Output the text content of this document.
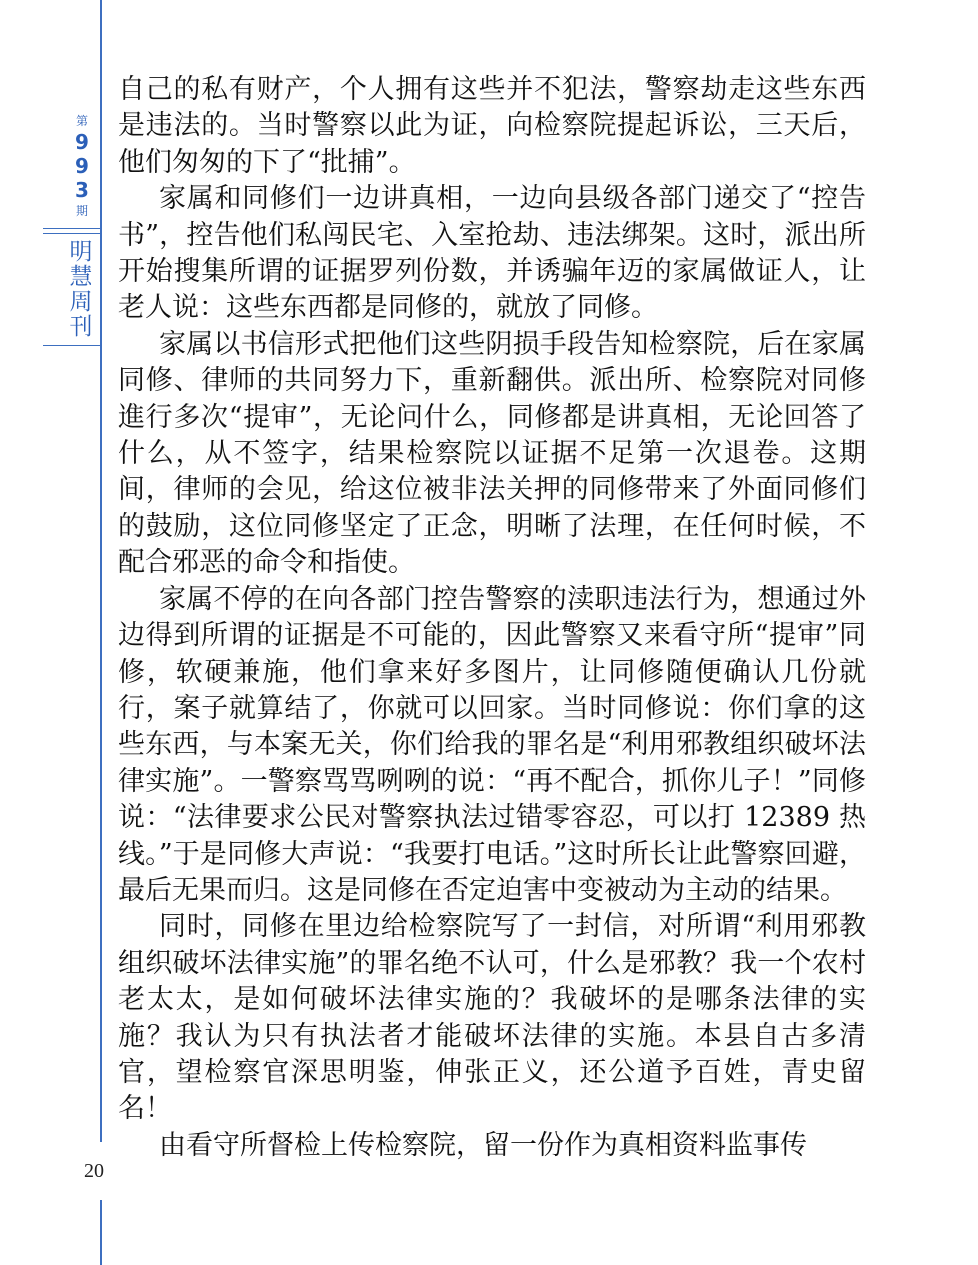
第
9
9
3
期
明
慧
周
刊
20

自己的私有财产，个人拥有这些并不犯法，警察劫走这些东西是违法的。当时警察以此为证，向检察院提起诉讼，三天后，他们匆匆的下了“批捕”。

家属和同修们一边讲真相，一边向县级各部门递交了“控告书”，控告他们私闯民宅、入室抢劫、违法绑架。这时，派出所开始搜集所谓的证据罗列份数，并诱骗年迈的家属做证人，让老人说：这些东西都是同修的，就放了同修。

家属以书信形式把他们这些阴损手段告知检察院，后在家属同修、律师的共同努力下，重新翻供。派出所、检察院对同修進行多次“提审”，无论问什么，同修都是讲真相，无论回答了什么，从不签字，结果检察院以证据不足第一次退卷。这期间，律师的会见，给这位被非法关押的同修带来了外面同修们的鼓励，这位同修坚定了正念，明晰了法理，在任何时候，不配合邪恶的命令和指使。

家属不停的在向各部门控告警察的渎职违法行为，想通过外边得到所谓的证据是不可能的，因此警察又来看守所“提审”同修，软硬兼施，他们拿来好多图片，让同修随便确认几份就行，案子就算结了，你就可以回家。当时同修说：你们拿的这些东西，与本案无关，你们给我的罪名是“利用邪教组织破坏法律实施”。一警察骂骂咧咧的说：“再不配合，抓你儿子！”同修说：“法律要求公民对警察执法过错零容忍，可以打 12389 热线。”于是同修大声说：“我要打电话。”这时所长让此警察回避，最后无果而归。这是同修在否定迫害中变被动为主动的结果。

同时，同修在里边给检察院写了一封信，对所谓“利用邪教组织破坏法律实施”的罪名绝不认可，什么是邪教？我一个农村老太太，是如何破坏法律实施的？我破坏的是哪条法律的实施？我认为只有执法者才能破坏法律的实施。本县自古多清官，望检察官深思明鉴，伸张正义，还公道予百姓，青史留名！

由看守所督检上传检察院，留一份作为真相资料监事传
